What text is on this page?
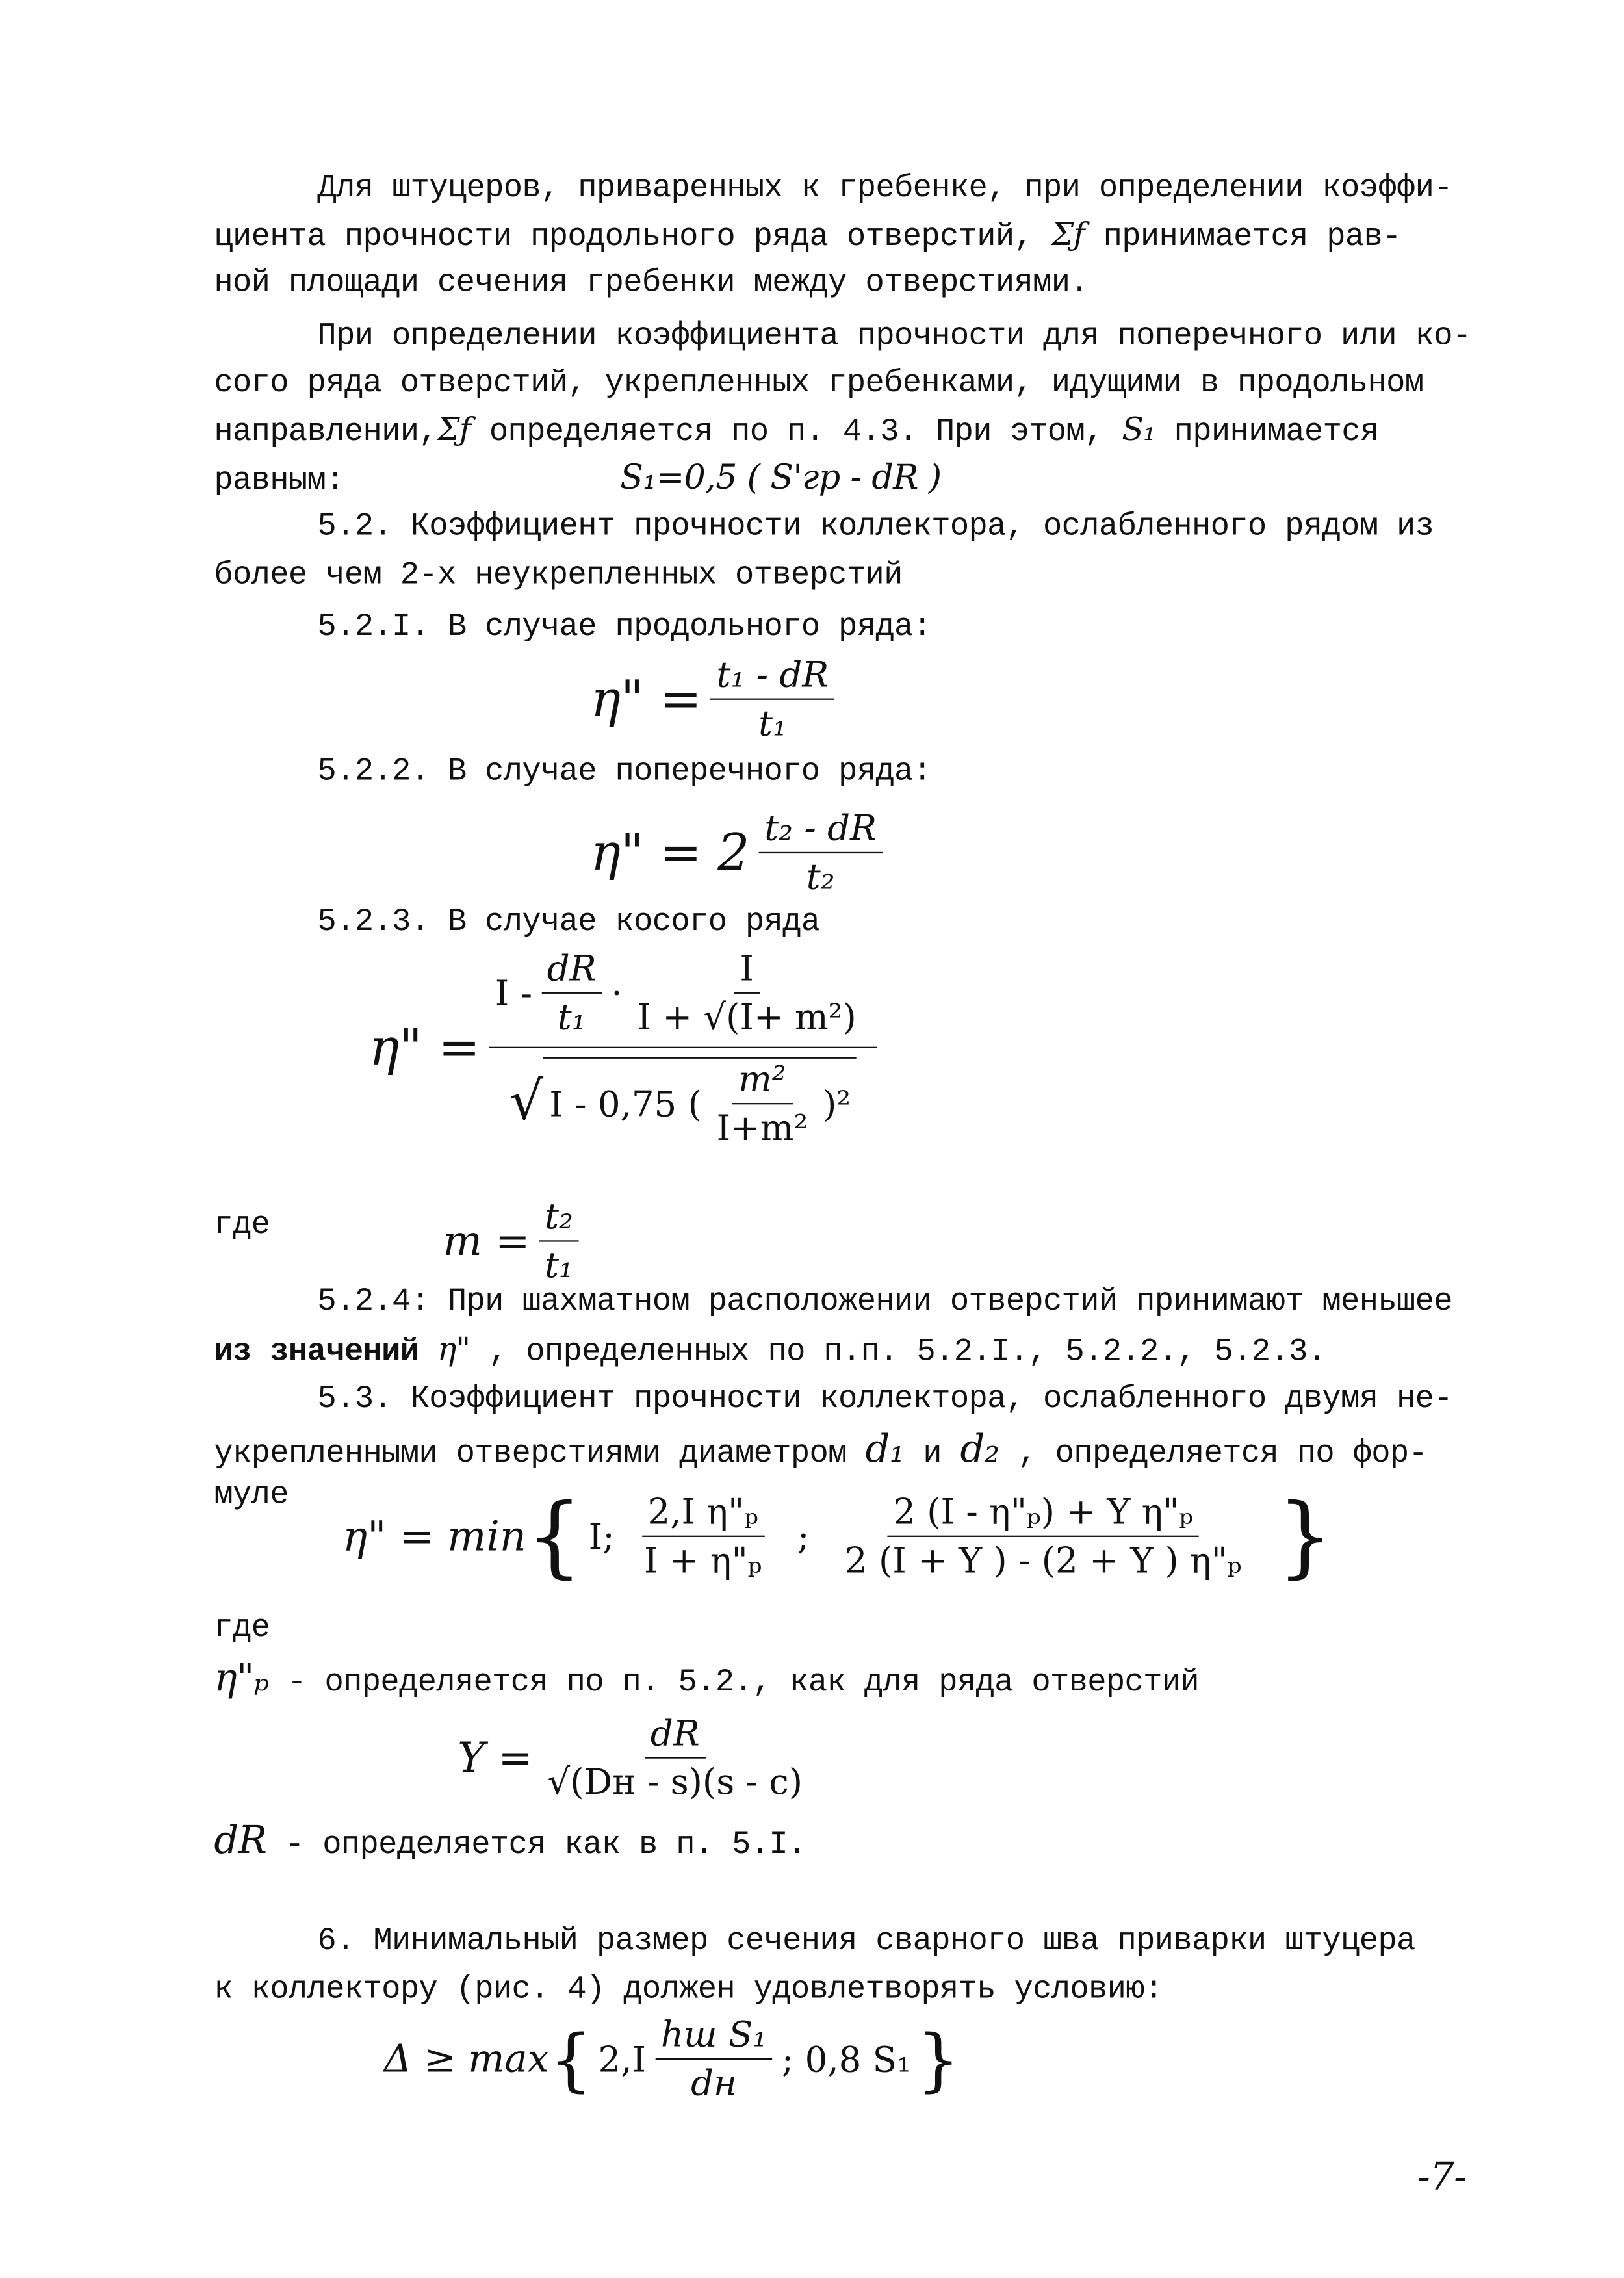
Для штуцеров, приваренных к гребенке, при определении коэффи-
циента прочности продольного ряда отверстий, Σƒ принимается рав-
ной площади сечения гребенки между отверстиями.
При определении коэффициента прочности для поперечного или ко-
сого ряда отверстий, укрепленных гребенками, идущими в продольном
направлении,Σƒ определяется по п. 4.3. При этом, S₁ принимается
равным:	S₁=0,5 ( S'гр - dR )
5.2. Коэффициент прочности коллектора, ослабленного рядом из
более чем 2-х неукрепленных отверстий
5.2.I. В случае продольного ряда:
η" = $\frac{\text{t₁ - dR}}{\text{t₁}}$
5.2.2. В случае поперечного ряда:
η" = $2 \frac{\text{t₂ - dR}}{\text{t₂}}$
5.2.3. В случае косого ряда
η" =
$I - \frac{dR}{\text{t₁}} \cdot \frac{I}{\text{I + √(I+ m²)}}$
√ I - 0,75 ( $\frac{\text{m²}}{\text{I+m²}} )^2$
где	$m = \frac{\text{t₂}}{\text{t₁}}$
5.2.4: При шахматном расположении отверстий принимают меньшее
из значений η" , определенных по п.п. 5.2.I., 5.2.2., 5.2.3.
5.3. Коэффициент прочности коллектора, ослабленного двумя не-
укрепленными отверстиями диаметром d₁ и d₂ , определяется по фор-
муле
η" = min { I; $\frac{\text{2,I η"ₚ}}{\text{I + η"ₚ}}$ ; $\frac{\text{2 (I - η"ₚ) + Y η"ₚ}}{\text{2 (I + Y ) - (2 + Y ) η"ₚ}}$ }
где
η"ₚ - определяется по п. 5.2., как для ряда отверстий
Y =	dR
√(Dн - s)(s - c)
dR - определяется как в п. 5.I.
6. Минимальный размер сечения сварного шва приварки штуцера
к коллектору (рис. 4) должен удовлетворять условию:
Δ ≥ max { 2,I
hш S₁
dн
; 0,8 S₁ }
-7-
